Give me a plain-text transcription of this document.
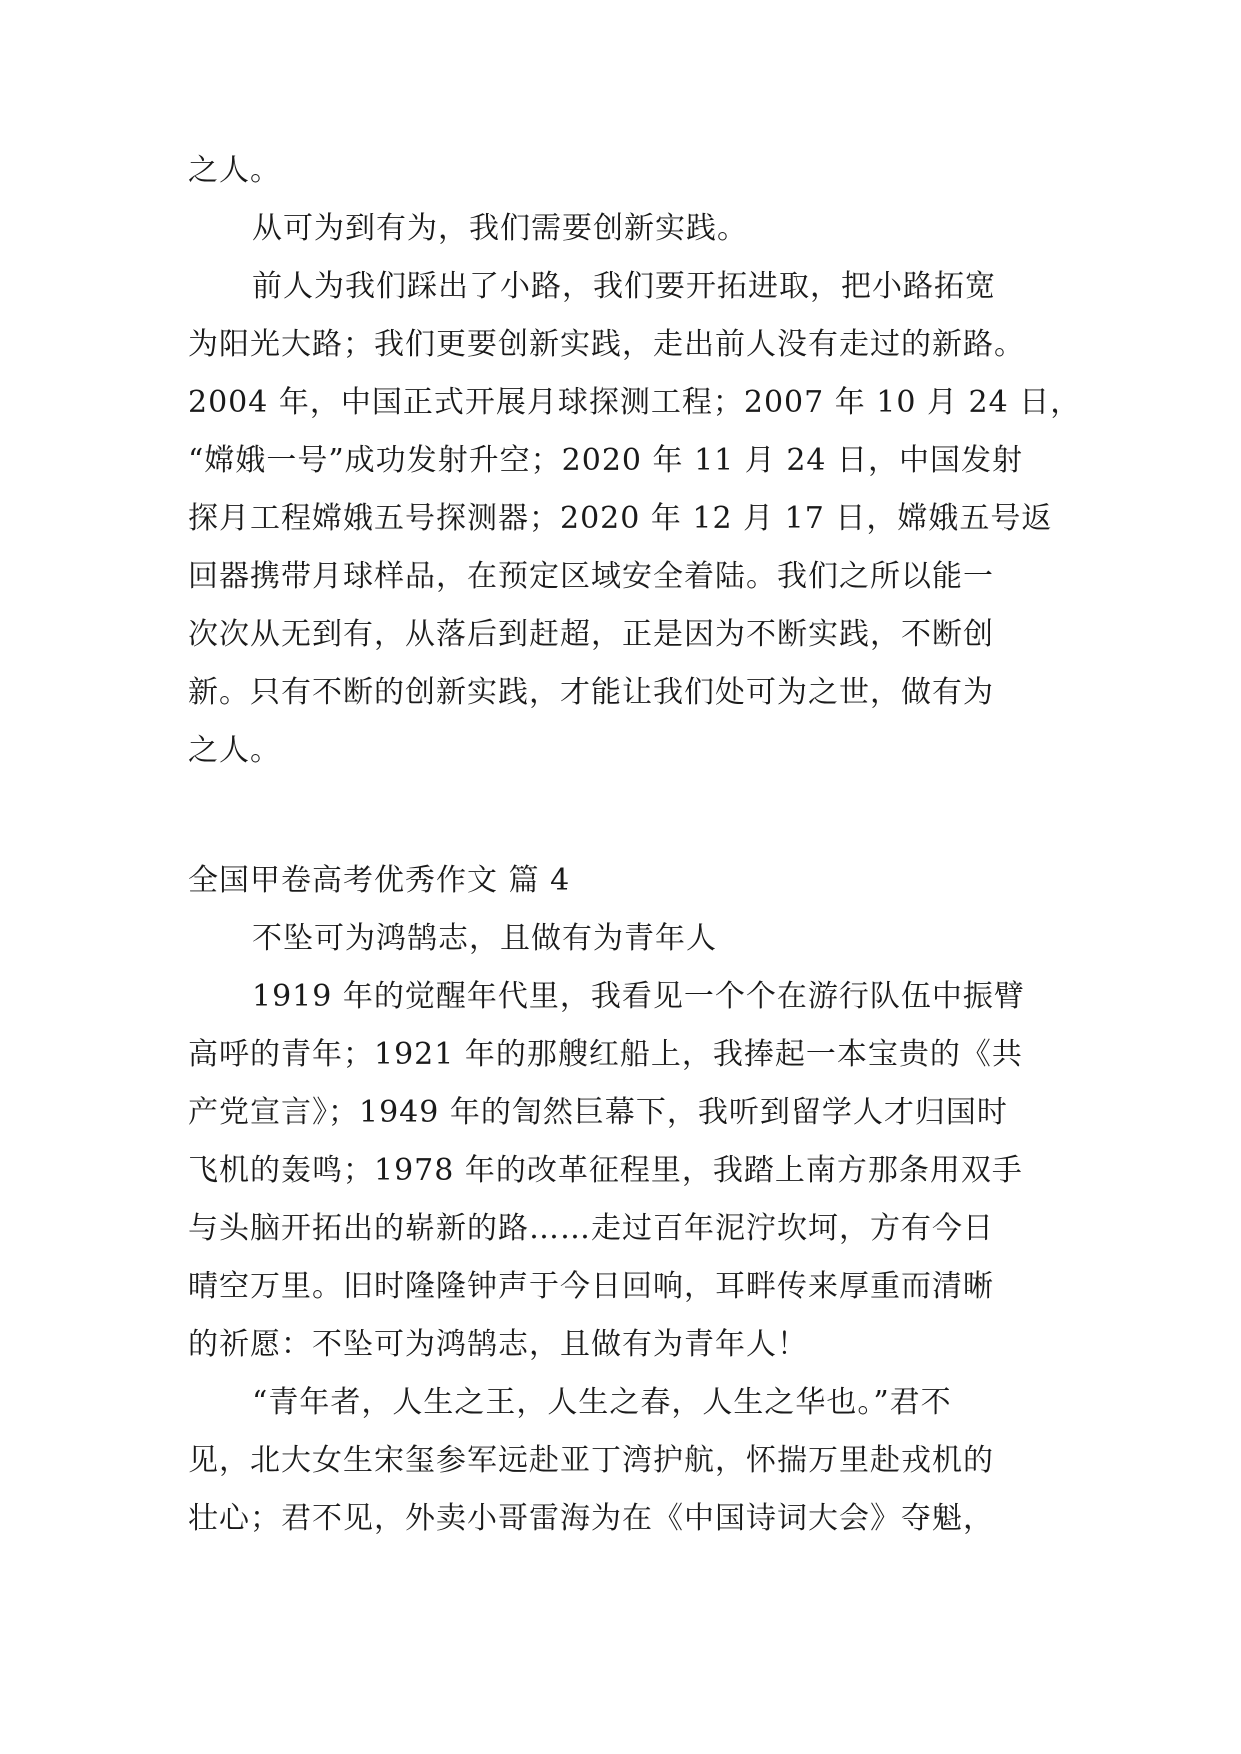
之人。
从可为到有为，我们需要创新实践。
前人为我们踩出了小路，我们要开拓进取，把小路拓宽
为阳光大路；我们更要创新实践，走出前人没有走过的新路。
2004 年，中国正式开展月球探测工程；2007 年 10 月 24 日，
“嫦娥一号”成功发射升空；2020 年 11 月 24 日，中国发射
探月工程嫦娥五号探测器；2020 年 12 月 17 日，嫦娥五号返
回器携带月球样品，在预定区域安全着陆。我们之所以能一
次次从无到有，从落后到赶超，正是因为不断实践，不断创
新。只有不断的创新实践，才能让我们处可为之世，做有为
之人。
全国甲卷高考优秀作文 篇 4
不坠可为鸿鹄志，且做有为青年人
1919 年的觉醒年代里，我看见一个个在游行队伍中振臂
高呼的青年；1921 年的那艘红船上，我捧起一本宝贵的《共
产党宣言》；1949 年的訇然巨幕下，我听到留学人才归国时
飞机的轰鸣；1978 年的改革征程里，我踏上南方那条用双手
与头脑开拓出的崭新的路……走过百年泥泞坎坷，方有今日
晴空万里。旧时隆隆钟声于今日回响，耳畔传来厚重而清晰
的祈愿：不坠可为鸿鹄志，且做有为青年人！
“青年者，人生之王，人生之春，人生之华也。”君不
见，北大女生宋玺参军远赴亚丁湾护航，怀揣万里赴戎机的
壮心；君不见，外卖小哥雷海为在《中国诗词大会》夺魁，
